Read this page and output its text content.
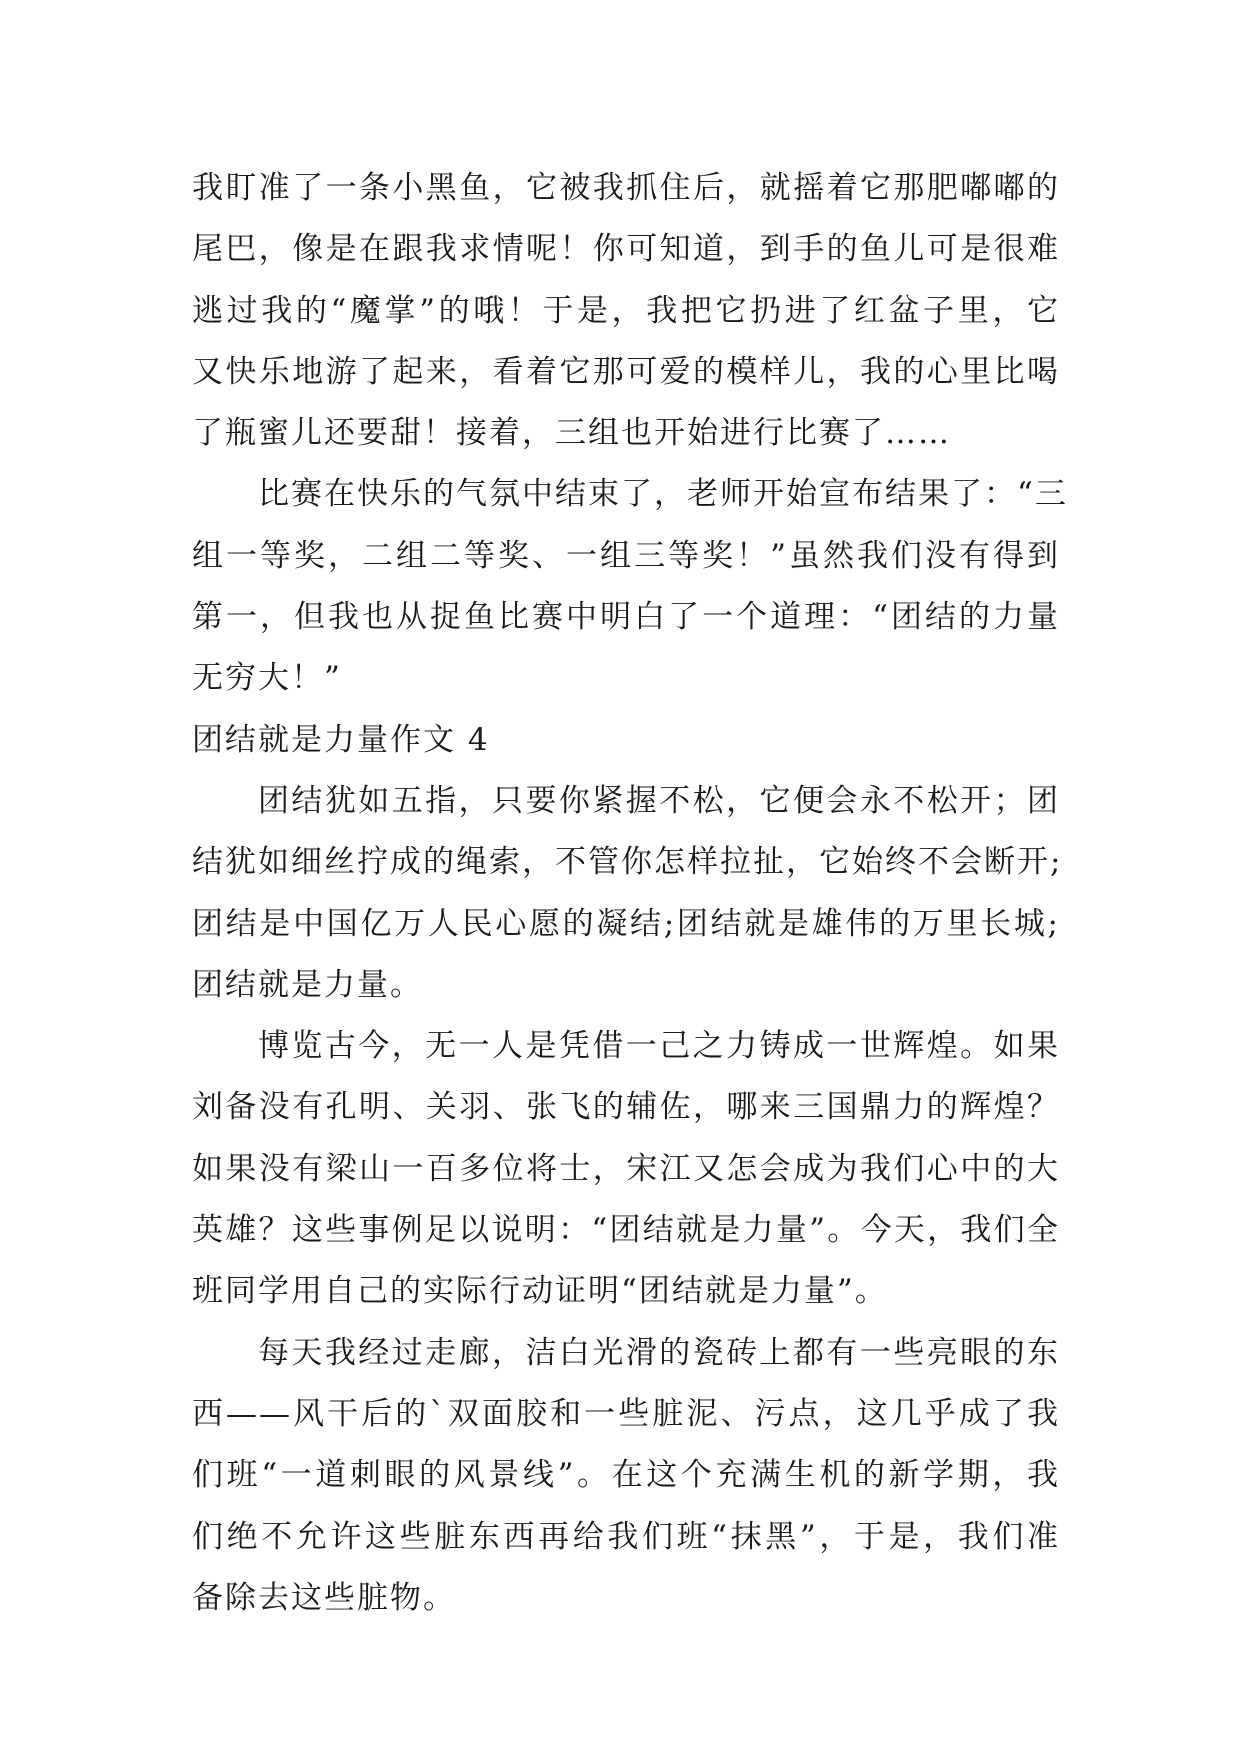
我盯准了一条小黑鱼，它被我抓住后，就摇着它那肥嘟嘟的
尾巴，像是在跟我求情呢！你可知道，到手的鱼儿可是很难
逃过我的“魔掌”的哦！于是，我把它扔进了红盆子里，它
又快乐地游了起来，看着它那可爱的模样儿，我的心里比喝
了瓶蜜儿还要甜！接着，三组也开始进行比赛了……
比赛在快乐的气氛中结束了，老师开始宣布结果了：“三
组一等奖，二组二等奖、一组三等奖！”虽然我们没有得到
第一，但我也从捉鱼比赛中明白了一个道理：“团结的力量
无穷大！”
团结就是力量作文 4
团结犹如五指，只要你紧握不松，它便会永不松开；团
结犹如细丝拧成的绳索，不管你怎样拉扯，它始终不会断开;
团结是中国亿万人民心愿的凝结;团结就是雄伟的万里长城;
团结就是力量。
博览古今，无一人是凭借一己之力铸成一世辉煌。如果
刘备没有孔明、关羽、张飞的辅佐，哪来三国鼎力的辉煌？
如果没有梁山一百多位将士，宋江又怎会成为我们心中的大
英雄？这些事例足以说明：“团结就是力量”。今天，我们全
班同学用自己的实际行动证明“团结就是力量”。
每天我经过走廊，洁白光滑的瓷砖上都有一些亮眼的东
西——风干后的`双面胶和一些脏泥、污点，这几乎成了我
们班“一道刺眼的风景线”。在这个充满生机的新学期，我
们绝不允许这些脏东西再给我们班“抹黑”，于是，我们准
备除去这些脏物。
